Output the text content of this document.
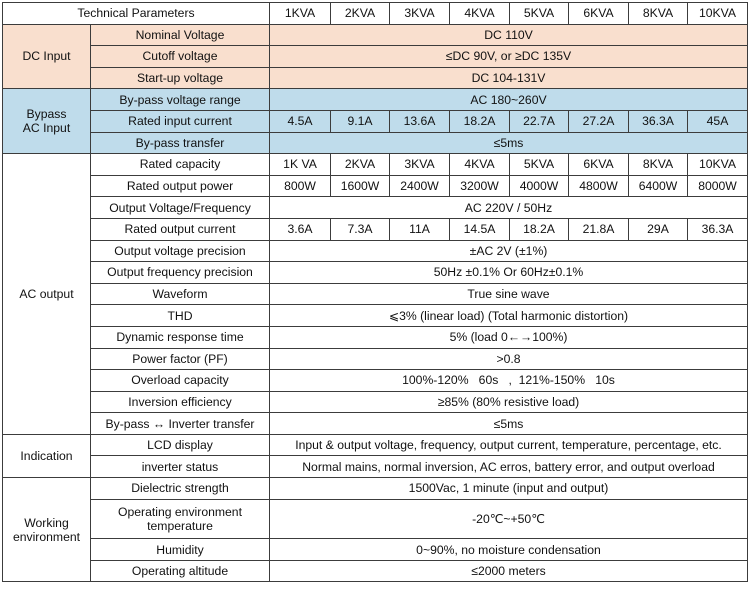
Technical Parameters		1KVA	2KVA	3KVA	4KVA	5KVA	6KVA	8KVA	10KVA
DC Input	Nominal Voltage	DC 110V							
	Cutoff voltage	≤DC 90V, or ≥DC 135V							
	Start-up voltage	DC 104-131V							
Bypass
AC Input	By-pass voltage range	AC 180~260V							
	Rated input current	4.5A	9.1A	13.6A	18.2A	22.7A	27.2A	36.3A	45A
	By-pass transfer	≤5ms							
AC output	Rated capacity	1K VA	2KVA	3KVA	4KVA	5KVA	6KVA	8KVA	10KVA
	Rated output power	800W	1600W	2400W	3200W	4000W	4800W	6400W	8000W
	Output Voltage/Frequency	AC 220V / 50Hz							
	Rated output current	3.6A	7.3A	11A	14.5A	18.2A	21.8A	29A	36.3A
	Output voltage precision	±AC 2V (±1%)							
	Output frequency precision	50Hz ±0.1% Or 60Hz±0.1%							
	Waveform	True sine wave							
	THD	⩽3% (linear load) (Total harmonic distortion)							
	Dynamic response time	5% (load 0←→100%)							
	Power factor (PF)	>0.8							
	Overload capacity	100%-120%   60s   ,  121%-150%   10s							
	Inversion efficiency	≥85% (80% resistive load)							
	By-pass ↔ Inverter transfer	≤5ms							
Indication	LCD display	Input & output voltage, frequency, output current, temperature, percentage, etc.							
	inverter status	Normal mains, normal inversion, AC erros, battery error, and output overload							
Working
environment	Dielectric strength	1500Vac, 1 minute (input and output)							
	Operating environment
temperature	-20℃~+50℃							
	Humidity	0~90%, no moisture condensation							
	Operating altitude	≤2000 meters							
